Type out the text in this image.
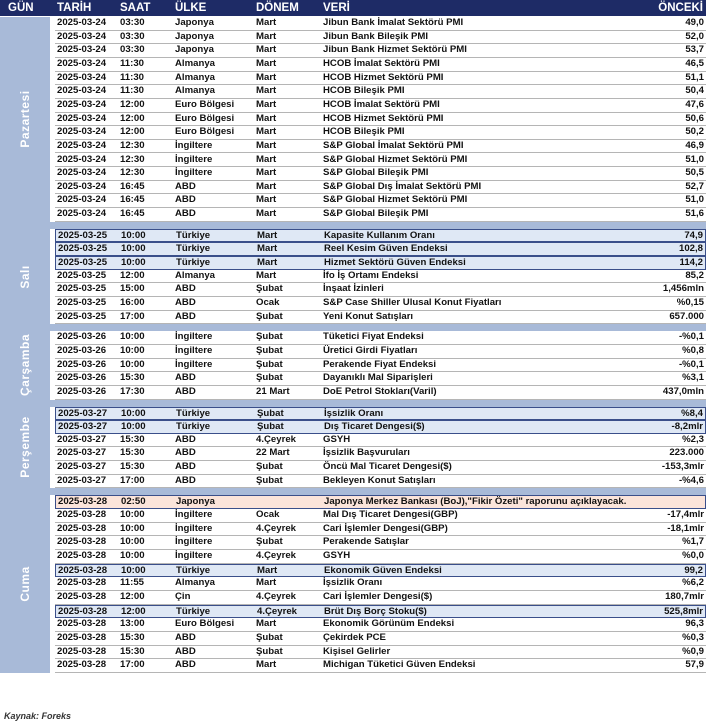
GÜN TARİH SAAT ÜLKE	DÖNEM VERİ	ÖNCEKİ
Pazartesi
2025-03-24 03:30	Japonya	Mart	Jibun Bank İmalat Sektörü PMI	49,0
2025-03-24 03:30	Japonya	Mart	Jibun Bank Bileşik PMI	52,0
2025-03-24 03:30	Japonya	Mart	Jibun Bank Hizmet Sektörü PMI	53,7
2025-03-24 11:30	Almanya	Mart	HCOB İmalat Sektörü PMI	46,5
2025-03-24 11:30	Almanya	Mart	HCOB Hizmet Sektörü PMI	51,1
2025-03-24 11:30	Almanya	Mart	HCOB Bileşik PMI	50,4
2025-03-24 12:00	Euro Bölgesi Mart	HCOB İmalat Sektörü PMI	47,6
2025-03-24 12:00	Euro Bölgesi Mart	HCOB Hizmet Sektörü PMI	50,6
2025-03-24 12:00	Euro Bölgesi Mart	HCOB Bileşik PMI	50,2
2025-03-24 12:30	İngiltere	Mart	S&P Global İmalat Sektörü PMI	46,9
2025-03-24 12:30	İngiltere	Mart	S&P Global Hizmet Sektörü PMI	51,0
2025-03-24 12:30	İngiltere	Mart	S&P Global Bileşik PMI	50,5
2025-03-24 16:45	ABD	Mart	S&P Global Dış İmalat Sektörü PMI	52,7
2025-03-24 16:45	ABD	Mart	S&P Global Hizmet Sektörü PMI	51,0
2025-03-24 16:45	ABD	Mart	S&P Global Bileşik PMI	51,6
Salı
2025-03-25 10:00	Türkiye	Mart	Kapasite Kullanım Oranı	74,9
2025-03-25 10:00	Türkiye	Mart	Reel Kesim Güven Endeksi	102,8
2025-03-25 10:00	Türkiye	Mart	Hizmet Sektörü Güven Endeksi	114,2
2025-03-25 12:00	Almanya	Mart	İfo İş Ortamı Endeksi	85,2
2025-03-25 15:00	ABD	Şubat	İnşaat İzinleri	1,456mln
2025-03-25 16:00	ABD	Ocak	S&P Case Shiller Ulusal Konut Fiyatları	%0,15
2025-03-25 17:00	ABD	Şubat	Yeni Konut Satışları	657.000
Çarşamba	2025-03-26 10:00	İngiltere	Şubat	Tüketici Fiyat Endeksi	-%0,1
2025-03-26 10:00	İngiltere	Şubat	Üretici Girdi Fiyatları	%0,8
2025-03-26 10:00	İngiltere	Şubat	Perakende Fiyat Endeksi	-%0,1
2025-03-26 15:30	ABD	Şubat	Dayanıklı Mal Siparişleri	%3,1
2025-03-26 17:30	ABD	21 Mart	DoE Petrol Stokları(Varil)	437,0mln
Perşembe
2025-03-27 10:00	Türkiye	Şubat	İşsizlik Oranı	%8,4
2025-03-27 10:00	Türkiye	Şubat	Dış Ticaret Dengesi($)	-8,2mlr
2025-03-27 15:30	ABD	4.Çeyrek	GSYH	%2,3
2025-03-27 15:30	ABD	22 Mart	İşsizlik Başvuruları	223.000
2025-03-27 15:30	ABD	Şubat	Öncü Mal Ticaret Dengesi($)	-153,3mlr
2025-03-27 17:00	ABD	Şubat	Bekleyen Konut Satışları	-%4,6
Cuma
2025-03-28 02:50	Japonya	Japonya Merkez Bankası (BoJ),"Fikir Özeti" raporunu açıklayacak.
2025-03-28 10:00	İngiltere	Ocak	Mal Dış Ticaret Dengesi(GBP)	-17,4mlr
2025-03-28 10:00	İngiltere	4.Çeyrek	Cari İşlemler Dengesi(GBP)	-18,1mlr
2025-03-28 10:00	İngiltere	Şubat	Perakende Satışlar	%1,7
2025-03-28 10:00	İngiltere	4.Çeyrek	GSYH	%0,0
2025-03-28 10:00	Türkiye	Mart	Ekonomik Güven Endeksi	99,2
2025-03-28 11:55	Almanya	Mart	İşsizlik Oranı	%6,2
2025-03-28 12:00	Çin	4.Çeyrek	Cari İşlemler Dengesi($)	180,7mlr
2025-03-28 12:00	Türkiye	4.Çeyrek	Brüt Dış Borç Stoku($)	525,8mlr
2025-03-28 13:00	Euro Bölgesi Mart	Ekonomik Görünüm Endeksi	96,3
2025-03-28 15:30	ABD	Şubat	Çekirdek PCE	%0,3
2025-03-28 15:30	ABD	Şubat	Kişisel Gelirler	%0,9
2025-03-28 17:00	ABD	Mart	Michigan Tüketici Güven Endeksi	57,9
Kaynak: Foreks
